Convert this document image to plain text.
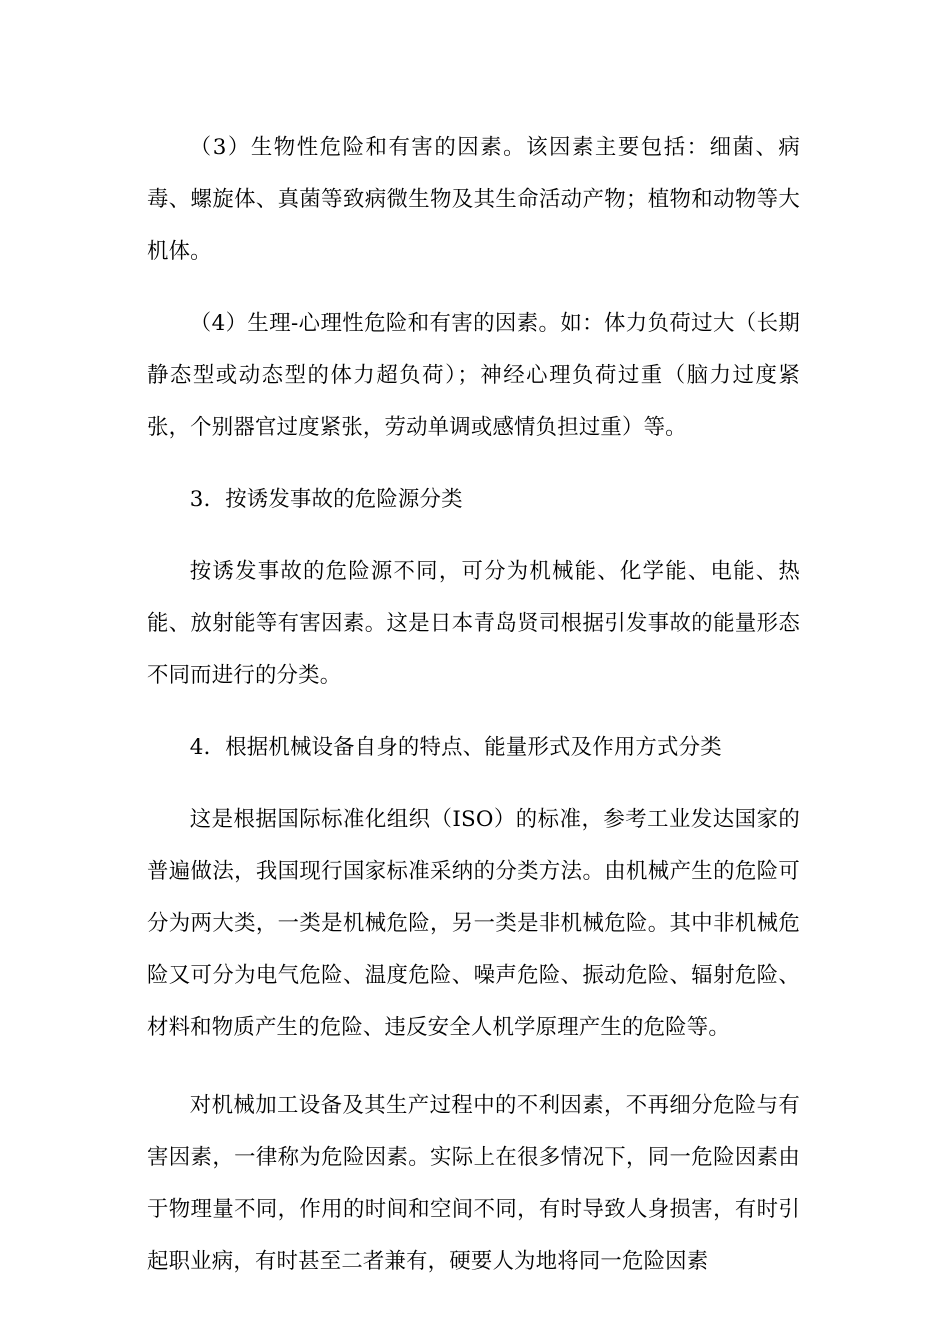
（3）生物性危险和有害的因素。该因素主要包括：细菌、病毒、螺旋体、真菌等致病微生物及其生命活动产物；植物和动物等大机体。

（4）生理-心理性危险和有害的因素。如：体力负荷过大（长期静态型或动态型的体力超负荷）；神经心理负荷过重（脑力过度紧张，个别器官过度紧张，劳动单调或感情负担过重）等。

3．按诱发事故的危险源分类

按诱发事故的危险源不同，可分为机械能、化学能、电能、热能、放射能等有害因素。这是日本青岛贤司根据引发事故的能量形态不同而进行的分类。

4．根据机械设备自身的特点、能量形式及作用方式分类

这是根据国际标准化组织（ISO）的标准，参考工业发达国家的普遍做法，我国现行国家标准采纳的分类方法。由机械产生的危险可分为两大类，一类是机械危险，另一类是非机械危险。其中非机械危险又可分为电气危险、温度危险、噪声危险、振动危险、辐射危险、材料和物质产生的危险、违反安全人机学原理产生的危险等。

对机械加工设备及其生产过程中的不利因素，不再细分危险与有害因素，一律称为危险因素。实际上在很多情况下，同一危险因素由于物理量不同，作用的时间和空间不同，有时导致人身损害，有时引起职业病，有时甚至二者兼有，硬要人为地将同一危险因素
